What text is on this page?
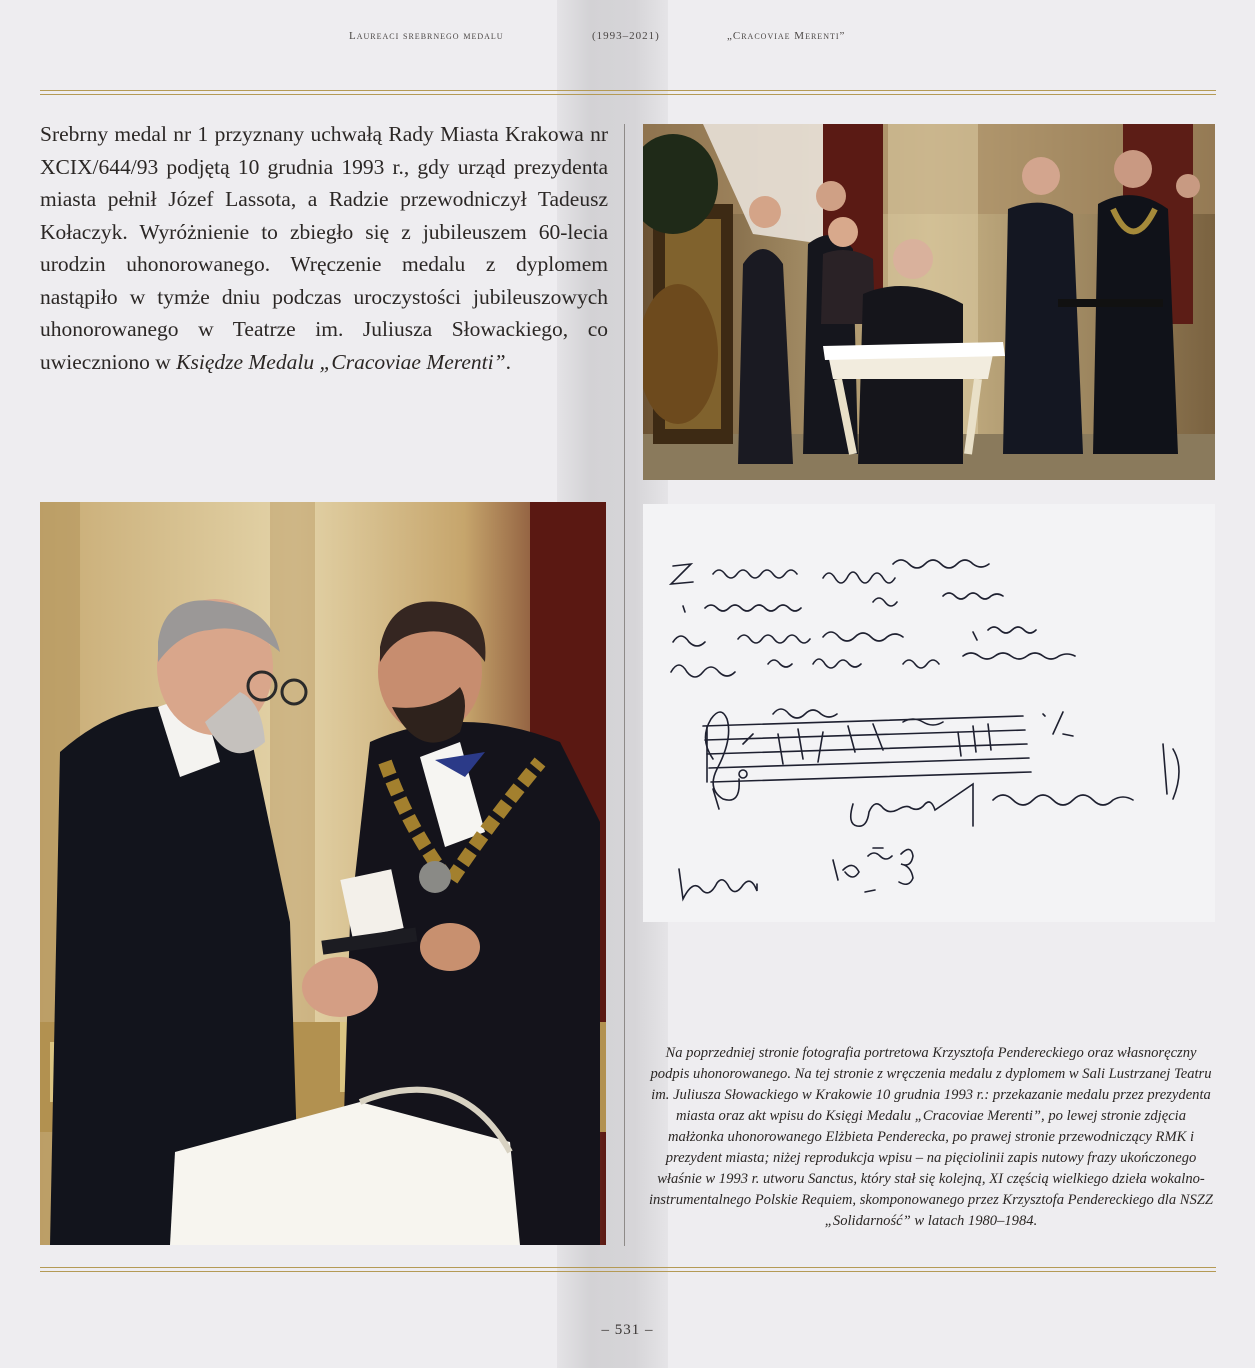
Laureaci srebrnego medalu	(1993–2021)	„Cracoviae Merenti”
Srebrny medal nr 1 przyznany uchwałą Rady Miasta Krakowa nr XCIX/644/93 podjętą 10 grudnia 1993 r., gdy urząd prezydenta miasta pełnił Józef Lassota, a Radzie przewodniczył Tadeusz Kołaczyk. Wyróżnienie to zbiegło się z jubileuszem 60-lecia urodzin uhonorowanego. Wręczenie medalu z dyplomem nastąpiło w tymże dniu podczas uroczystości jubileuszowych uhonorowanego w Teatrze im. Juliusza Słowackiego, co uwieczniono w Księdze Medalu „Cracoviae Merenti”.
Na poprzedniej stronie fotografia portretowa Krzysztofa Pendereckiego oraz własnoręczny podpis uhonorowanego. Na tej stronie z wręczenia medalu z dyplomem w Sali Lustrzanej Teatru im. Juliusza Słowackiego w Krakowie 10 grudnia 1993 r.: przekazanie medalu przez prezydenta miasta oraz akt wpisu do Księgi Medalu „Cracoviae Merenti”, po lewej stronie zdjęcia małżonka uhonorowanego Elżbieta Penderecka, po prawej stronie przewodniczący RMK i prezydent miasta; niżej reprodukcja wpisu – na pięciolinii zapis nutowy frazy ukończonego właśnie w 1993 r. utworu Sanctus, który stał się kolejną, XI częścią wielkiego dzieła wokalno-instrumentalnego Polskie Requiem, skomponowanego przez Krzysztofa Pendereckiego dla NSZZ „Solidarność” w latach 1980–1984.
– 531 –
